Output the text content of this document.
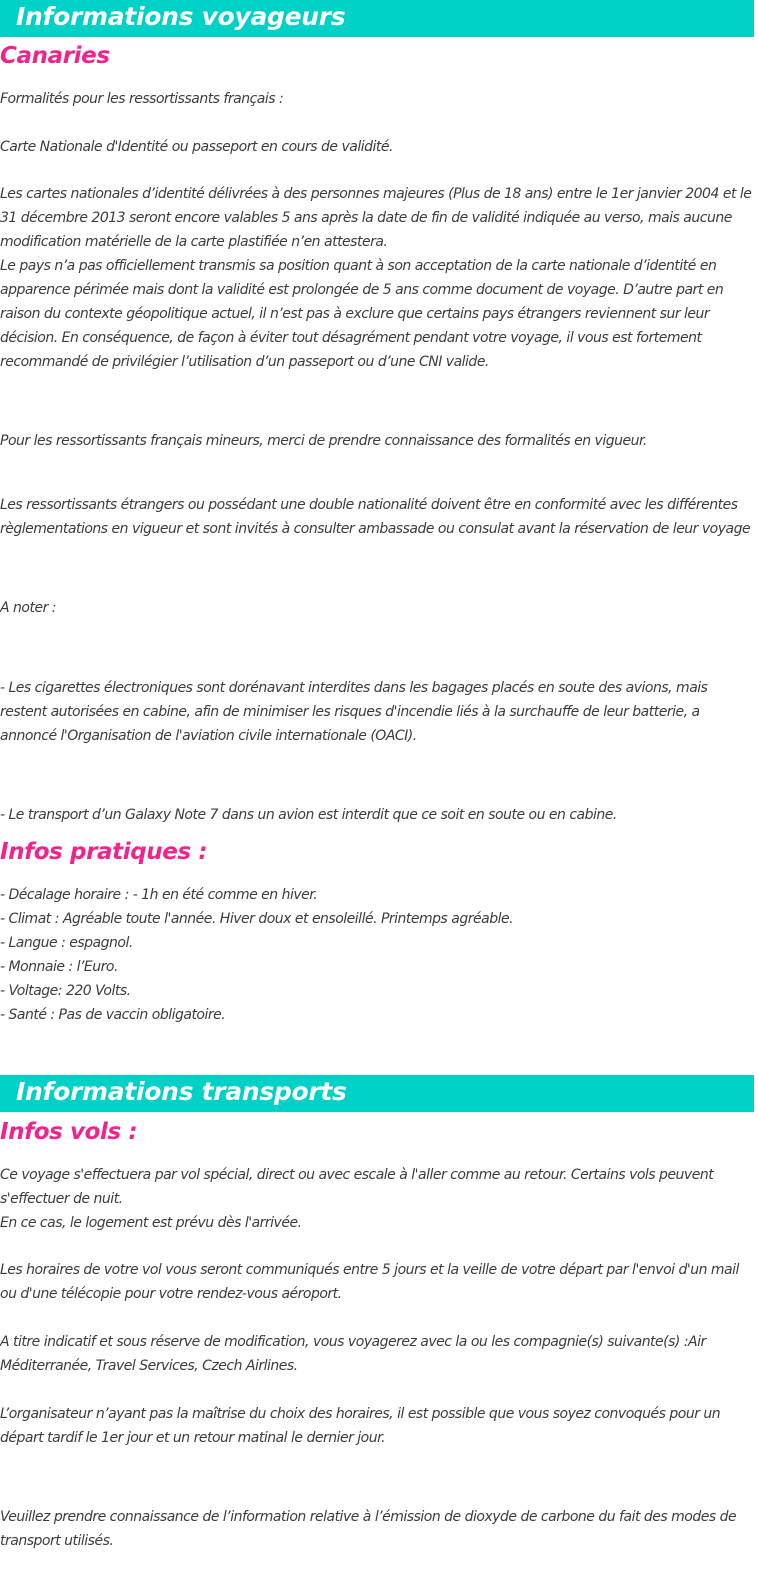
Informations voyageurs
Canaries
Formalités pour les ressortissants français :
Carte Nationale d'Identité ou passeport en cours de validité.
Les cartes nationales d’identité délivrées à des personnes majeures (Plus de 18 ans) entre le 1er janvier 2004 et le 31 décembre 2013 seront encore valables 5 ans après la date de fin de validité indiquée au verso, mais aucune modification matérielle de la carte plastifiée n’en attestera.
Le pays n’a pas officiellement transmis sa position quant à son acceptation de la carte nationale d’identité en apparence périmée mais dont la validité est prolongée de 5 ans comme document de voyage. D’autre part en raison du contexte géopolitique actuel, il n’est pas à exclure que certains pays étrangers reviennent sur leur décision. En conséquence, de façon à éviter tout désagrément pendant votre voyage, il vous est fortement recommandé de privilégier l’utilisation d’un passeport ou d’une CNI valide.
Pour les ressortissants français mineurs, merci de prendre connaissance des formalités en vigueur.
Les ressortissants étrangers ou possédant une double nationalité doivent être en conformité avec les différentes règlementations en vigueur et sont invités à consulter ambassade ou consulat avant la réservation de leur voyage
A noter :
- Les cigarettes électroniques sont dorénavant interdites dans les bagages placés en soute des avions, mais restent autorisées en cabine, afin de minimiser les risques d'incendie liés à la surchauffe de leur batterie, a annoncé l'Organisation de l'aviation civile internationale (OACI).
- Le transport d’un Galaxy Note 7 dans un avion est interdit que ce soit en soute ou en cabine.
Infos pratiques :
- Décalage horaire : - 1h en été comme en hiver.
- Climat : Agréable toute l'année. Hiver doux et ensoleillé. Printemps agréable.
- Langue : espagnol.
- Monnaie : l’Euro.
- Voltage: 220 Volts.
- Santé : Pas de vaccin obligatoire.
Informations transports
Infos vols :
Ce voyage s'effectuera par vol spécial, direct ou avec escale à l'aller comme au retour. Certains vols peuvent s'effectuer de nuit.
En ce cas, le logement est prévu dès l'arrivée.
Les horaires de votre vol vous seront communiqués entre 5 jours et la veille de votre départ par l'envoi d'un mail ou d'une télécopie pour votre rendez-vous aéroport.
A titre indicatif et sous réserve de modification, vous voyagerez avec la ou les compagnie(s) suivante(s) :Air Méditerranée, Travel Services, Czech Airlines.
L’organisateur n’ayant pas la maîtrise du choix des horaires, il est possible que vous soyez convoqués pour un départ tardif le 1er jour et un retour matinal le dernier jour.
Veuillez prendre connaissance de l’information relative à l’émission de dioxyde de carbone du fait des modes de transport utilisés.
